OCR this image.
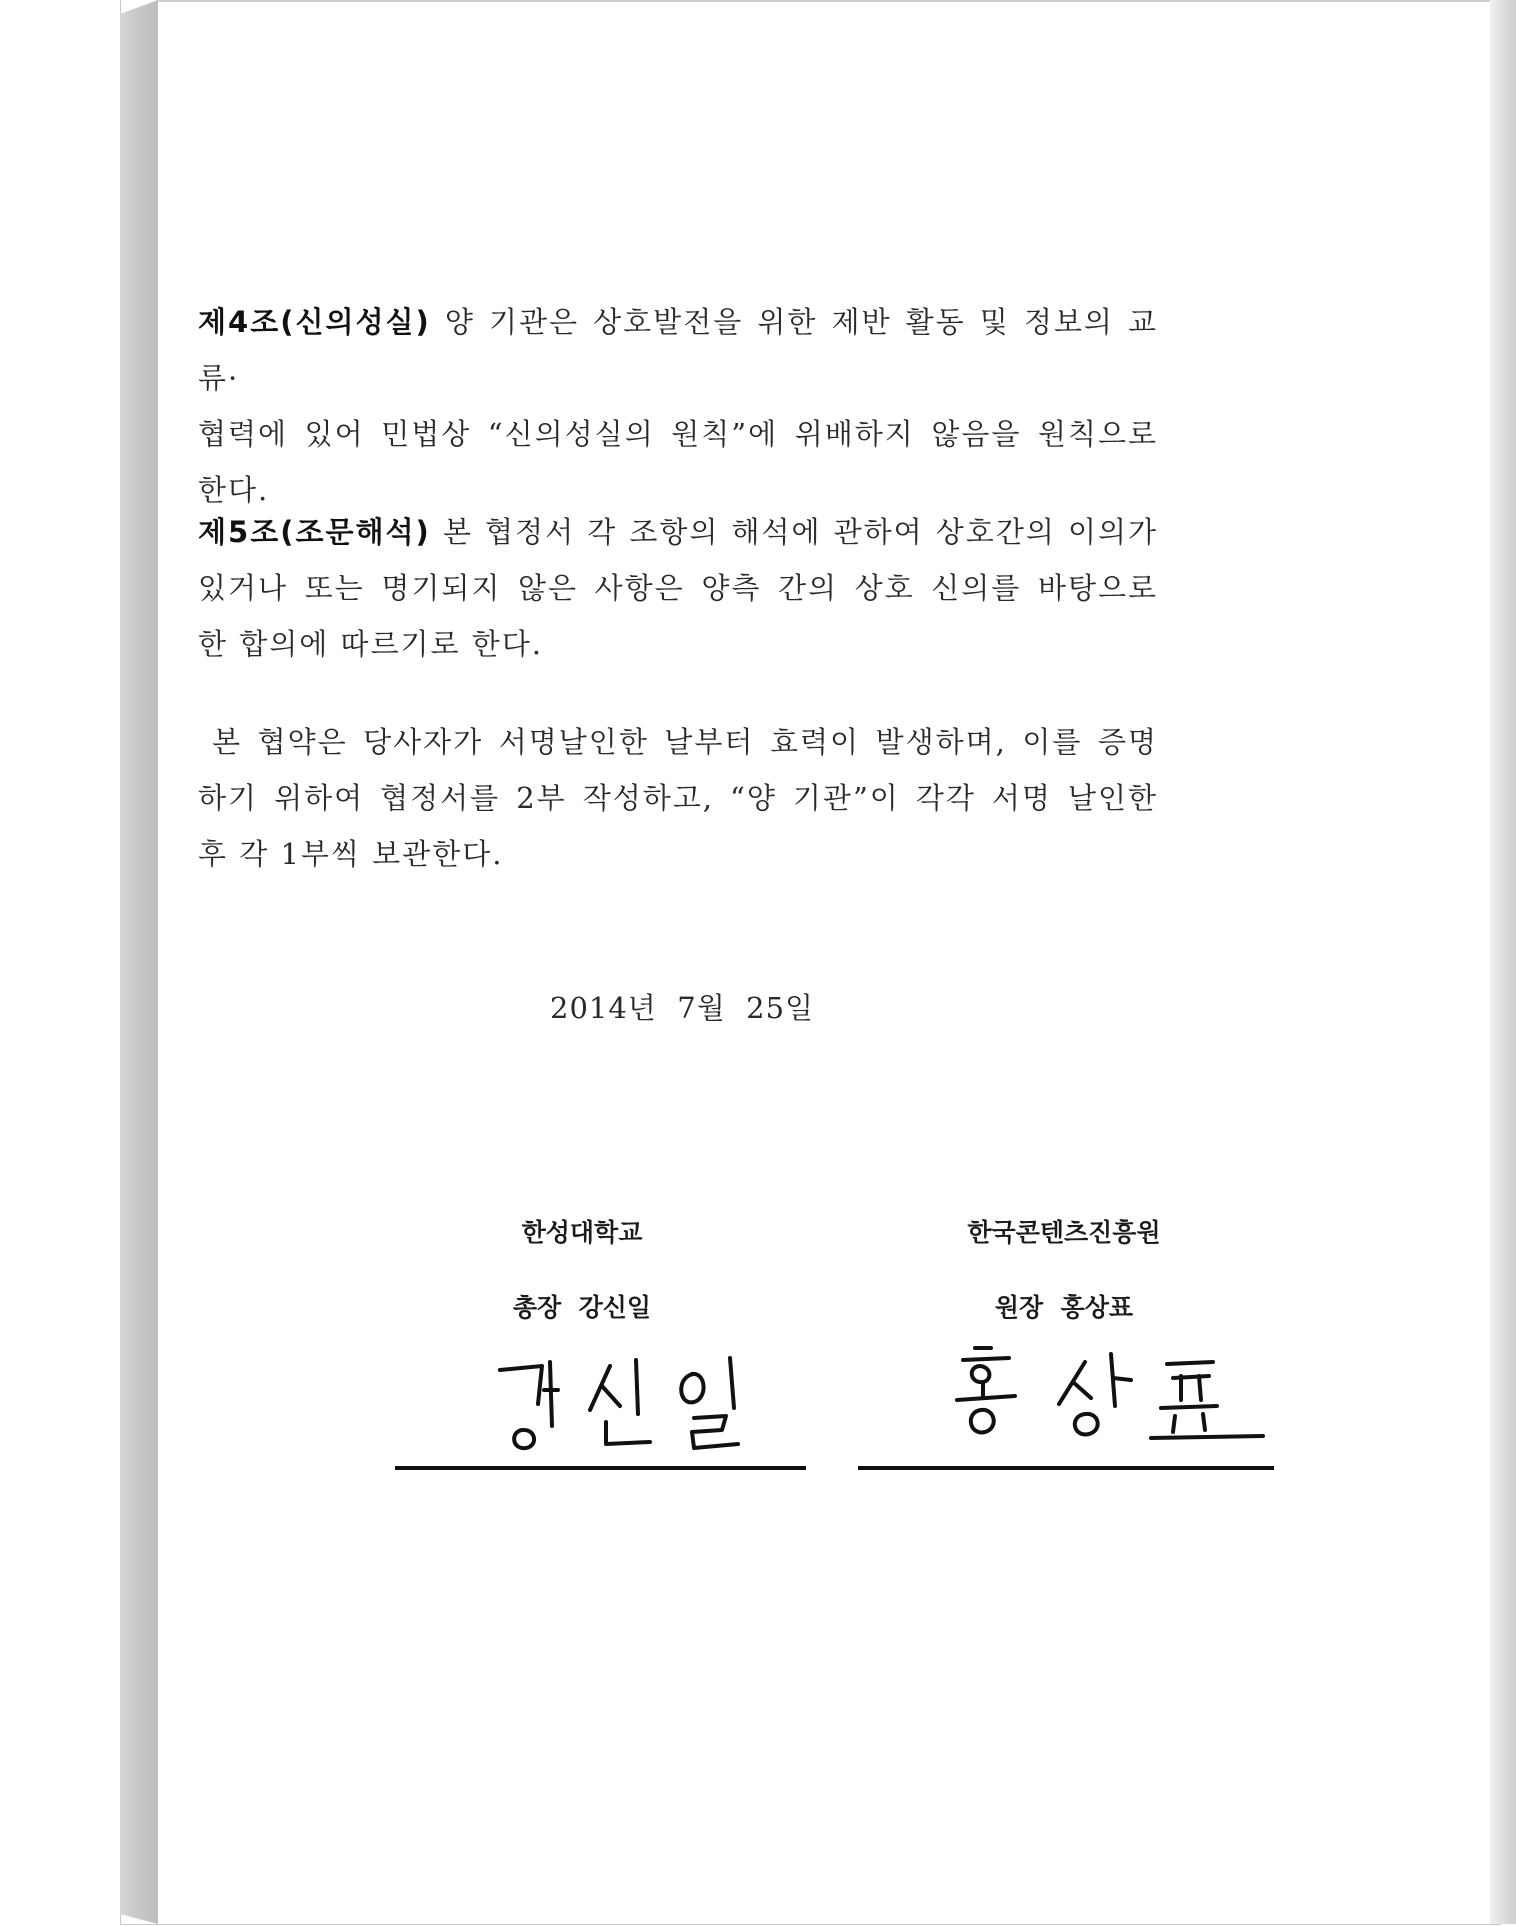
제4조(신의성실) 양 기관은 상호발전을 위한 제반 활동 및 정보의 교류·
협력에 있어 민법상 “신의성실의 원칙”에 위배하지 않음을 원칙으로
한다.
제5조(조문해석) 본 협정서 각 조항의 해석에 관하여 상호간의 이의가
있거나 또는 명기되지 않은 사항은 양측 간의 상호 신의를 바탕으로
한 합의에 따르기로 한다.
본 협약은 당사자가 서명날인한 날부터 효력이 발생하며, 이를 증명
하기 위하여 협정서를 2부 작성하고, “양 기관”이 각각 서명 날인한
후 각 1부씩 보관한다.
2014년  7월  25일
한성대학교
총장  강신일
한국콘텐츠진흥원
원장  홍상표
